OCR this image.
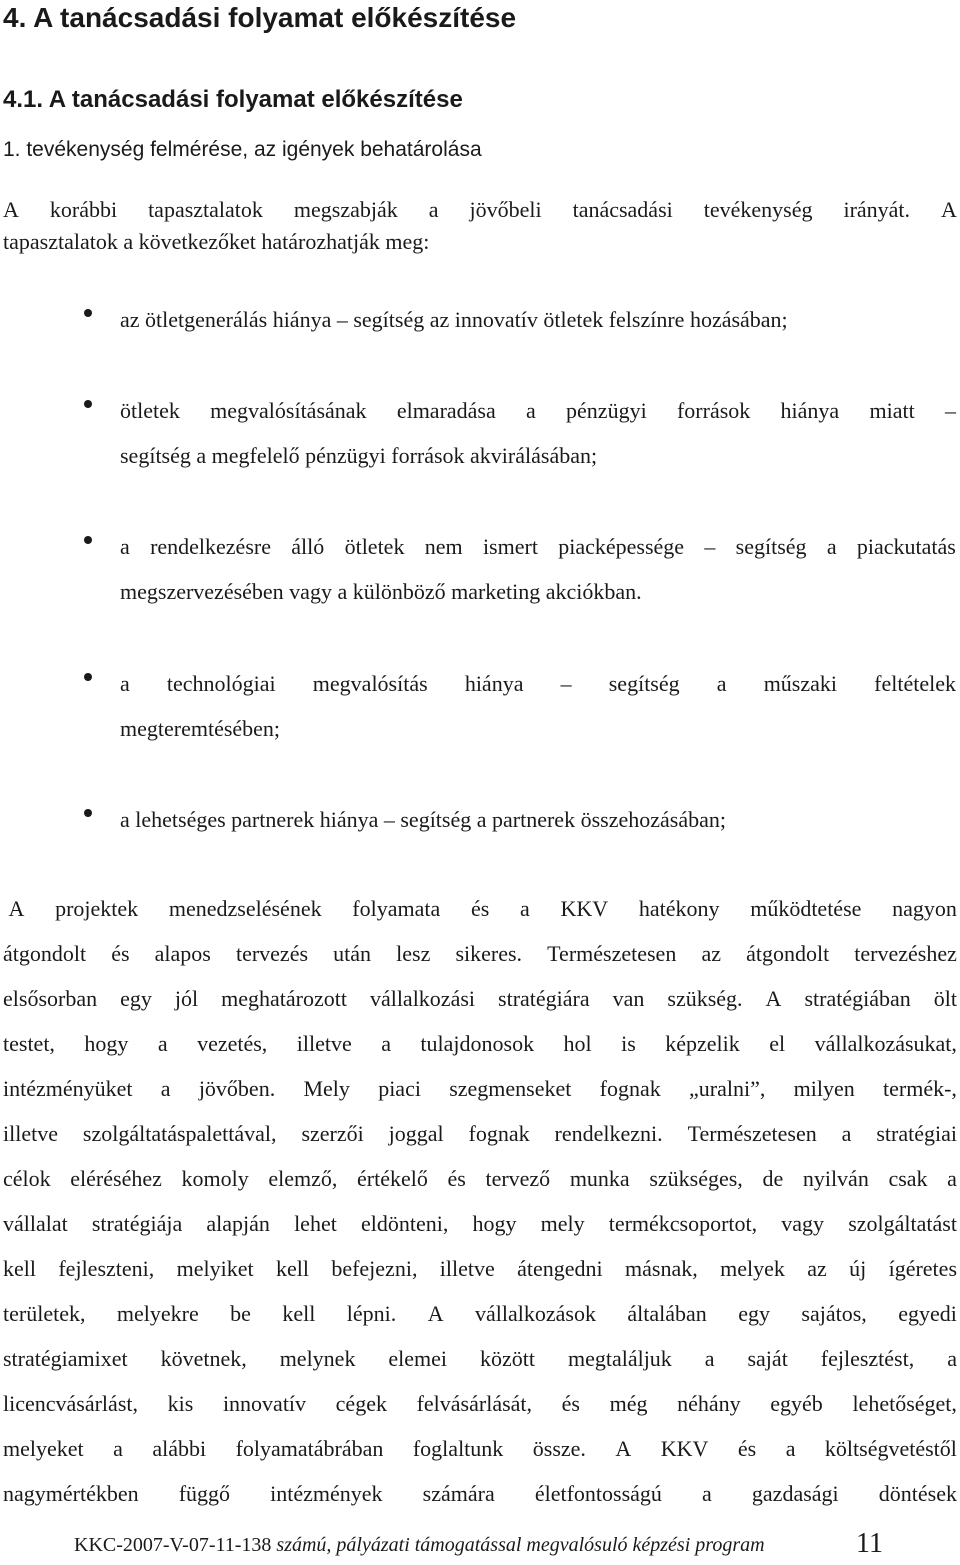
4. A tanácsadási folyamat előkészítése
4.1. A tanácsadási folyamat előkészítése
1. tevékenység felmérése, az igények behatárolása
A korábbi tapasztalatok megszabják a jövőbeli tanácsadási tevékenység irányát. A
tapasztalatok a következőket határozhatják meg:
az ötletgenerálás hiánya – segítség az innovatív ötletek felszínre hozásában;
ötletek megvalósításának elmaradása a pénzügyi források hiánya miatt –
segítség a megfelelő pénzügyi források akvirálásában;
a rendelkezésre álló ötletek nem ismert piacképessége – segítség a piackutatás
megszervezésében vagy a különböző marketing akciókban.
a technológiai megvalósítás hiánya – segítség a műszaki feltételek
megteremtésében;
a lehetséges partnerek hiánya – segítség a partnerek összehozásában;
A projektek menedzselésének folyamata és a KKV hatékony működtetése nagyon
átgondolt és alapos tervezés után lesz sikeres. Természetesen az átgondolt tervezéshez
elsősorban egy jól meghatározott vállalkozási stratégiára van szükség. A stratégiában ölt
testet, hogy a vezetés, illetve a tulajdonosok hol is képzelik el vállalkozásukat,
intézményüket a jövőben. Mely piaci szegmenseket fognak „uralni”, milyen termék-,
illetve szolgáltatáspalettával, szerzői joggal fognak rendelkezni. Természetesen a stratégiai
célok eléréséhez komoly elemző, értékelő és tervező munka szükséges, de nyilván csak a
vállalat stratégiája alapján lehet eldönteni, hogy mely termékcsoportot, vagy szolgáltatást
kell fejleszteni, melyiket kell befejezni, illetve átengedni másnak, melyek az új ígéretes
területek, melyekre be kell lépni. A vállalkozások általában egy sajátos, egyedi
stratégiamixet követnek, melynek elemei között megtaláljuk a saját fejlesztést, a
licencvásárlást, kis innovatív cégek felvásárlását, és még néhány egyéb lehetőséget,
melyeket a alábbi folyamatábrában foglaltunk össze. A KKV és a költségvetéstől
nagymértékben függő intézmények számára életfontosságú a gazdasági döntések
KKC-2007-V-07-11-138 számú, pályázati támogatással megvalósuló képzési program	11
